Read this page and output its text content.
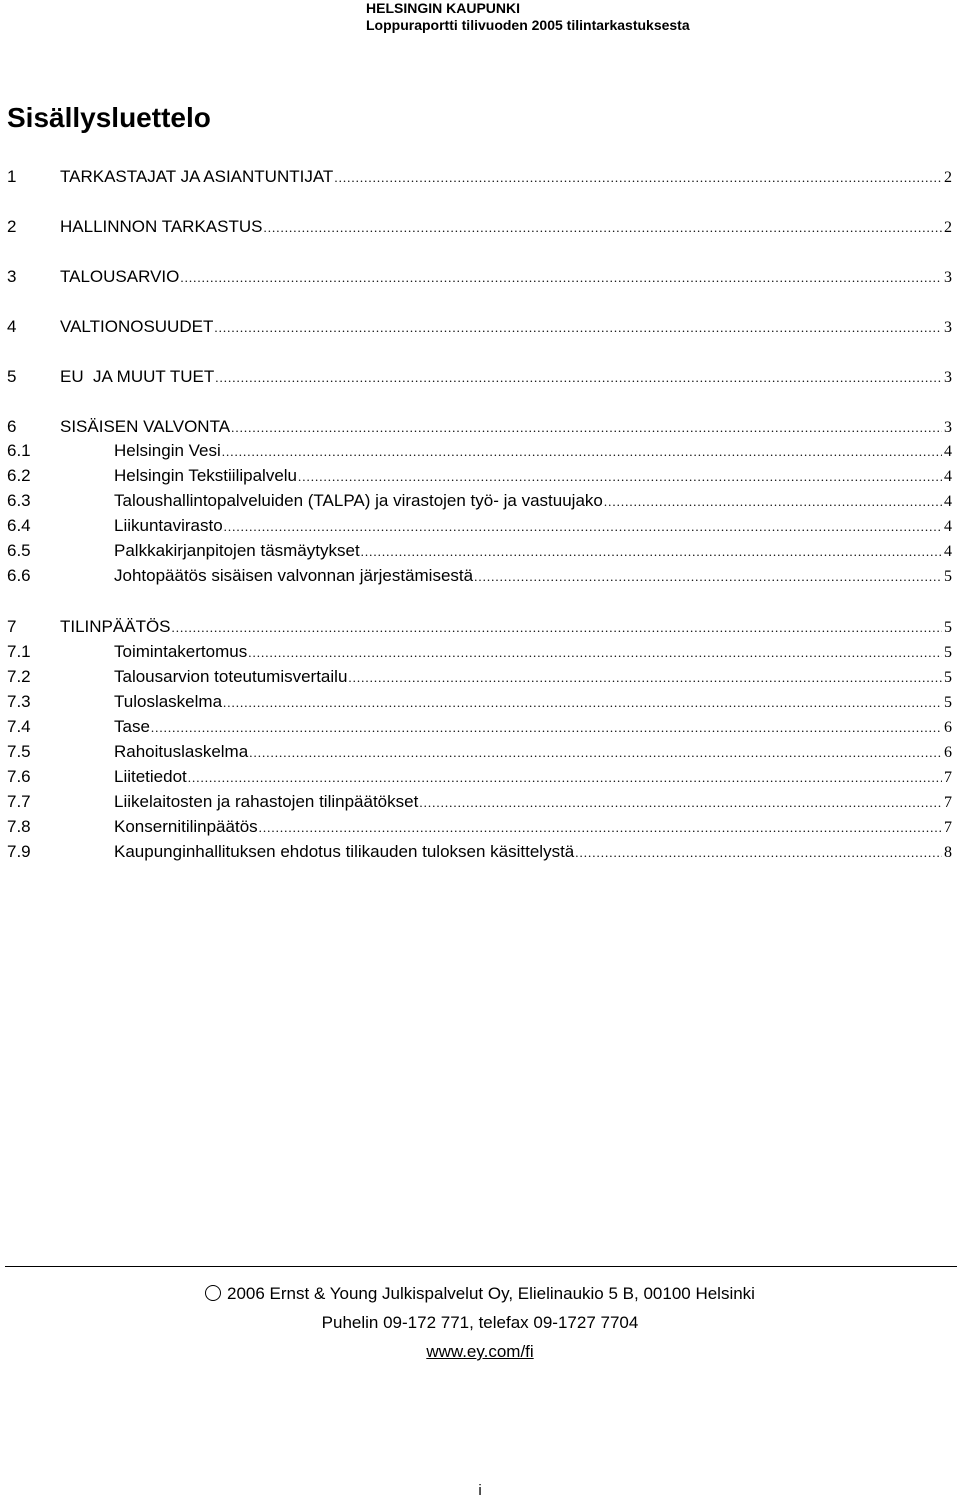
HELSINGIN KAUPUNKI
Loppuraportti tilivuoden 2005 tilintarkastuksesta
Sisällysluettelo
1	TARKASTAJAT JA ASIANTUNTIJAT .....	2
2	HALLINNON TARKASTUS .....	2
3	TALOUSARVIO .....	3
4	VALTIONOSUUDET .....	3
5	EU  JA MUUT TUET .....	3
6	SISÄISEN VALVONTA .....	3
6.1	Helsingin Vesi .....	4
6.2	Helsingin Tekstiilipalvelu .....	4
6.3	Taloushallintopalveluiden (TALPA) ja virastojen työ- ja vastuujako .....	4
6.4	Liikuntavirasto .....	4
6.5	Palkkakirjanpitojen täsmäytykset .....	4
6.6	Johtopäätös sisäisen valvonnan järjestämisestä .....	5
7	TILINPÄÄTÖS .....	5
7.1	Toimintakertomus .....	5
7.2	Talousarvion toteutumisvertailu .....	5
7.3	Tuloslaskelma .....	5
7.4	Tase .....	6
7.5	Rahoituslaskelma .....	6
7.6	Liitetiedot .....	7
7.7	Liikelaitosten ja rahastojen tilinpäätökset .....	7
7.8	Konsernitilinpäätös .....	7
7.9	Kaupunginhallituksen ehdotus tilikauden tuloksen käsittelystä .....	8
2006 Ernst & Young Julkispalvelut Oy, Elielinaukio 5 B, 00100 Helsinki
Puhelin 09-172 771, telefax 09-1727 7704
www.ey.com/fi
i
